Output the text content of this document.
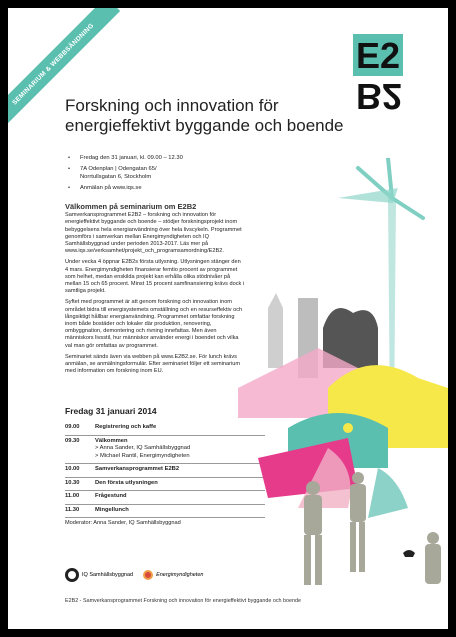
SEMINARIUM & WEBBSÄNDNING	E2
B2
Forskning och innovation för
energieffektivt byggande och boende
•	Fredag den 31 januari, kl. 09.00 – 12.30
•	7A Odenplan | Odengatan 65/
Norrtullsgatan 6, Stockholm
•	Anmälan på www.iqs.se
Välkommen på seminarium om E2B2

Samverkansprogrammet E2B2 – forskning och innovation för energieffektivt byggande och boende – stödjer forskningsprojekt inom bebyggelsens hela energianvändning över hela livscykeln. Programmet genomförs i samverkan mellan Energimyndigheten och IQ Samhällsbyggnad under perioden 2013-2017. Läs mer på www.iqs.se/verksamhet/projekt_och_programsamordning/E2B2.

Under vecka 4 öppnar E2B2s första utlysning. Utlysningen stänger den 4 mars. Energimyndigheten finansierar femtio procent av programmet som helhet, medan enskilda projekt kan erhålla olika stödnivåer på mellan 15 och 65 procent. Minst 15 procent samfinansiering krävs dock i samtliga projekt.

Syftet med programmet är att genom forskning och innovation inom området bidra till energisystemets omställning och en resurseffektiv och långsiktigt hållbar energianvändning. Programmet omfattar forskning inom både bostäder och lokaler där produktion, renovering, ombyggnation, demontering och rivning innefattas. Men även människors livsstil, hur människor använder energi i boendet och vilka val man gör omfattas av programmet.

Seminariet sänds även via webben på www.E2B2.se. För lunch krävs anmälan, se anmälningsformulär. Efter seminariet följer ett seminarium med information om forskning inom EU.

Fredag 31 januari 2014
09.00	Registrering och kaffe
09.30	Välkommen
> Anna Sander, IQ Samhällsbyggnad
> Michael Rantil, Energimyndigheten
10.00	Samverkansprogrammet E2B2
10.30	Den första utlysningen
11.00	Frågestund
11.30	Mingellunch
Moderator: Anna Sander, IQ Samhällsbyggnad
IQ Samhällsbyggnad	Energimyndigheten
E2B2 - Samverkansprogrammet Forskning och innovation för energieffektivt byggande och boende
